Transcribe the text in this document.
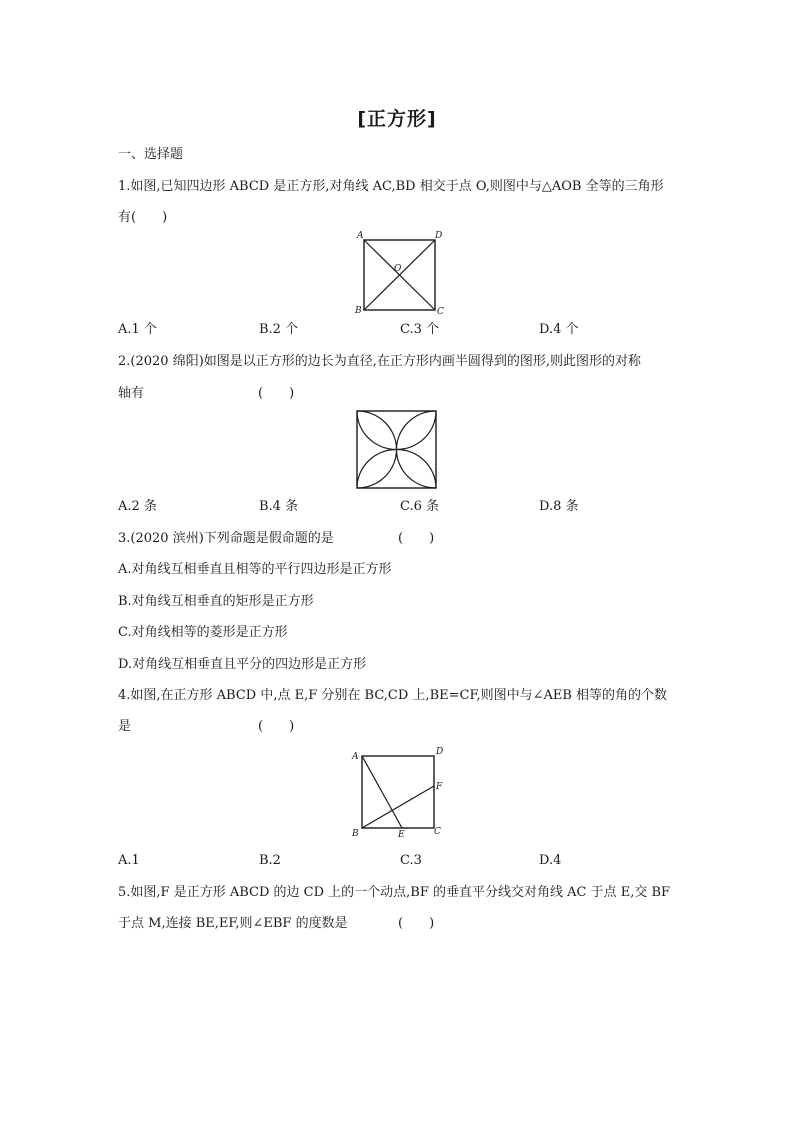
[正方形]
一、选择题
1.如图,已知四边形 ABCD 是正方形,对角线 AC,BD 相交于点 O,则图中与△AOB 全等的三角形
有(　　)
A	D
O
B	C
A.1 个	B.2 个	C.3 个	D.4 个
2.(2020 绵阳)如图是以正方形的边长为直径,在正方形内画半圆得到的图形,则此图形的对称
轴有	(　　)
A.2 条	B.4 条	C.6 条	D.8 条
3.(2020 滨州)下列命题是假命题的是	(　　)
A.对角线互相垂直且相等的平行四边形是正方形
B.对角线互相垂直的矩形是正方形
C.对角线相等的菱形是正方形
D.对角线互相垂直且平分的四边形是正方形
4.如图,在正方形 ABCD 中,点 E,F 分别在 BC,CD 上,BE=CF,则图中与∠AEB 相等的角的个数
是	(　　)
A	D
F
B	E	C
A.1	B.2	C.3	D.4
5.如图,F 是正方形 ABCD 的边 CD 上的一个动点,BF 的垂直平分线交对角线 AC 于点 E,交 BF
于点 M,连接 BE,EF,则∠EBF 的度数是	(　　)
